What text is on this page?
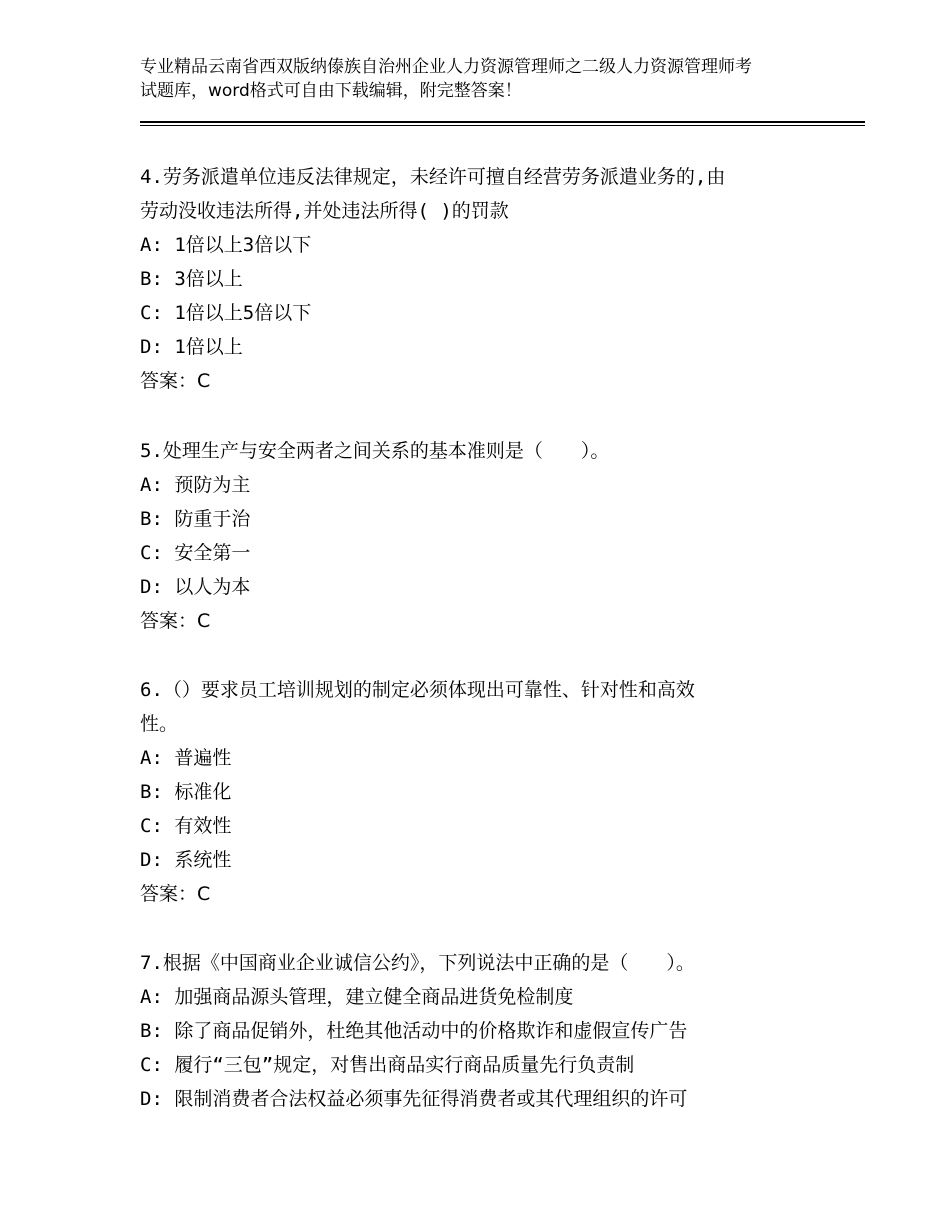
专业精品云南省西双版纳傣族自治州企业人力资源管理师之二级人力资源管理师考
试题库，word格式可自由下载编辑，附完整答案！
4.劳务派遣单位违反法律规定，未经许可擅自经营劳务派遣业务的,由
劳动没收违法所得,并处违法所得( )的罚款
A: 1倍以上3倍以下
B: 3倍以上
C: 1倍以上5倍以下
D: 1倍以上
答案：C
5.处理生产与安全两者之间关系的基本准则是（　　）。
A: 预防为主
B: 防重于治
C: 安全第一
D: 以人为本
答案：C
6.（）要求员工培训规划的制定必须体现出可靠性、针对性和高效
性。
A: 普遍性
B: 标准化
C: 有效性
D: 系统性
答案：C
7.根据《中国商业企业诚信公约》，下列说法中正确的是（　　）。
A: 加强商品源头管理，建立健全商品进货免检制度
B: 除了商品促销外，杜绝其他活动中的价格欺诈和虚假宣传广告
C: 履行“三包”规定，对售出商品实行商品质量先行负责制
D: 限制消费者合法权益必须事先征得消费者或其代理组织的许可
